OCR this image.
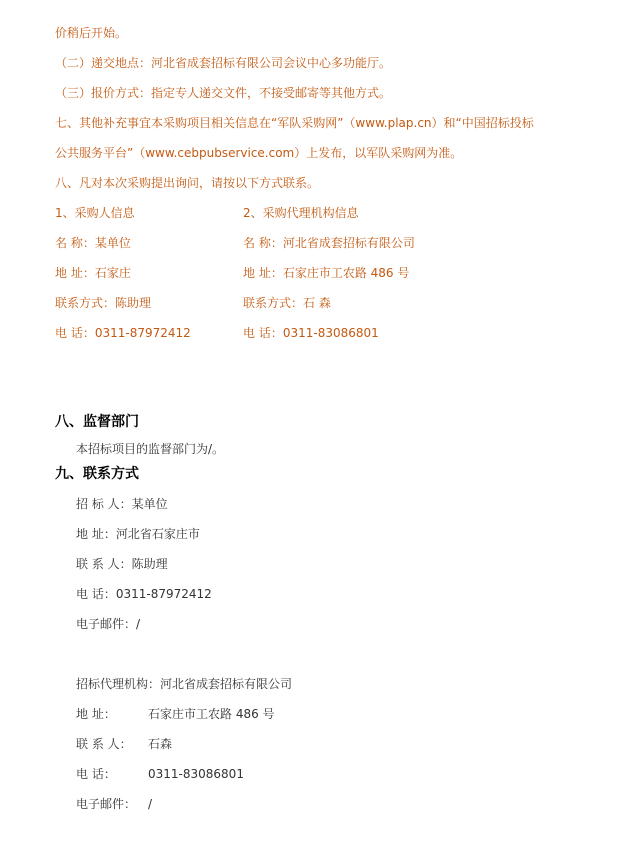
价稍后开始。
（二）递交地点：河北省成套招标有限公司会议中心多功能厅。
（三）报价方式：指定专人递交文件，不接受邮寄等其他方式。
七、其他补充事宜本采购项目相关信息在“军队采购网”（www.plap.cn）和“中国招标投标
公共服务平台”（www.cebpubservice.com）上发布，以军队采购网为准。
八、凡对本次采购提出询问，请按以下方式联系。
1、采购人信息
名 称：某单位
地 址：石家庄
联系方式：陈助理
电 话：0311-87972412
2、采购代理机构信息
名 称：河北省成套招标有限公司
地 址：石家庄市工农路 486 号
联系方式：石 森
电 话：0311-83086801
八、监督部门
本招标项目的监督部门为/。
九、联系方式
招 标 人：某单位
地 址：河北省石家庄市
联 系 人：陈助理
电 话：0311-87972412
电子邮件：/
招标代理机构：河北省成套招标有限公司
地 址：	石家庄市工农路 486 号
联 系 人： 石森
电 话：	0311-83086801
电子邮件： /
